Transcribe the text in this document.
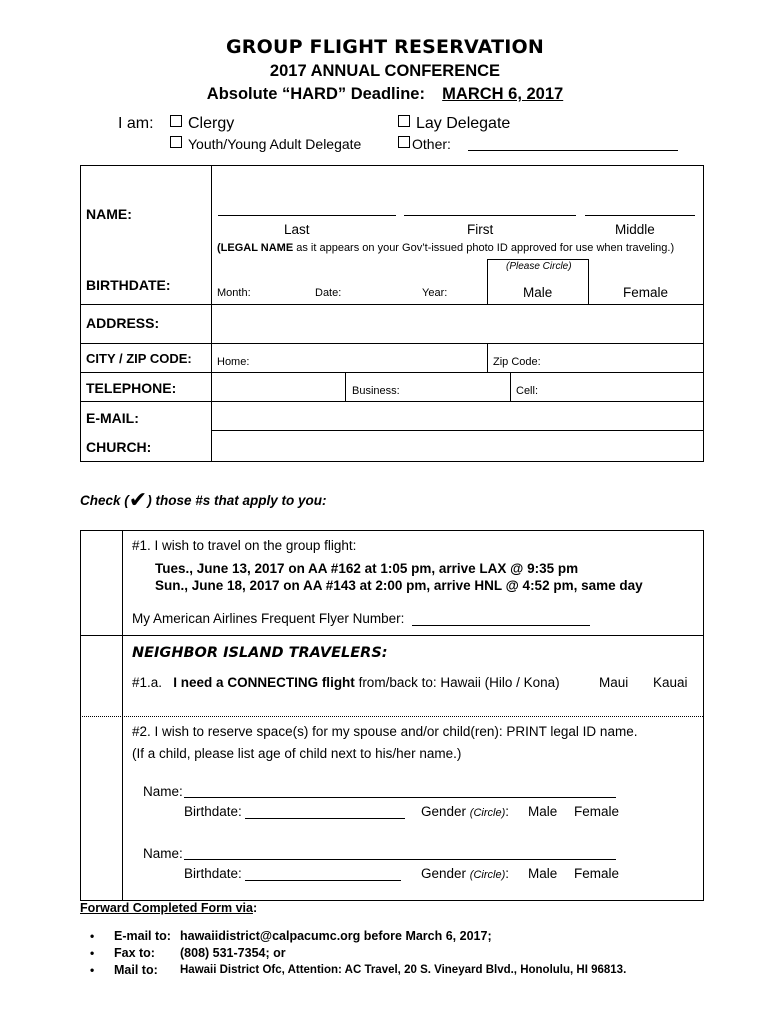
GROUP FLIGHT RESERVATION
2017 ANNUAL CONFERENCE
Absolute “HARD” Deadline: MARCH 6, 2017
I am:	Clergy	Lay Delegate
Youth/Young Adult Delegate	Other:
NAME:
Last	First	Middle
(LEGAL NAME as it appears on your Gov’t-issued photo ID approved for use when traveling.)
BIRTHDATE:	Month:	Date:	Year:
(Please Circle)
Male	Female
ADDRESS:
CITY / ZIP CODE: Home:	Zip Code:
TELEPHONE:	Business:	Cell:
E-MAIL:
CHURCH:
Check (✔) those #s that apply to you:
#1. I wish to travel on the group flight:
Tues., June 13, 2017 on AA #162 at 1:05 pm, arrive LAX @ 9:35 pm
Sun., June 18, 2017 on AA #143 at 2:00 pm, arrive HNL @ 4:52 pm, same day
My American Airlines Frequent Flyer Number:
NEIGHBOR ISLAND TRAVELERS:
#1.a. I need a CONNECTING flight from/back to: Hawaii (Hilo / Kona)	Maui Kauai
#2. I wish to reserve space(s) for my spouse and/or child(ren): PRINT legal ID name.
(If a child, please list age of child next to his/her name.)
Name:
Birthdate:	Gender (Circle): Male Female
Name:
Birthdate:	Gender (Circle): Male Female
Forward Completed Form via:
• E-mail to: hawaiidistrict@calpacumc.org before March 6, 2017;
• Fax to: (808) 531-7354; or
• Mail to: Hawaii District Ofc, Attention: AC Travel, 20 S. Vineyard Blvd., Honolulu, HI 96813.
